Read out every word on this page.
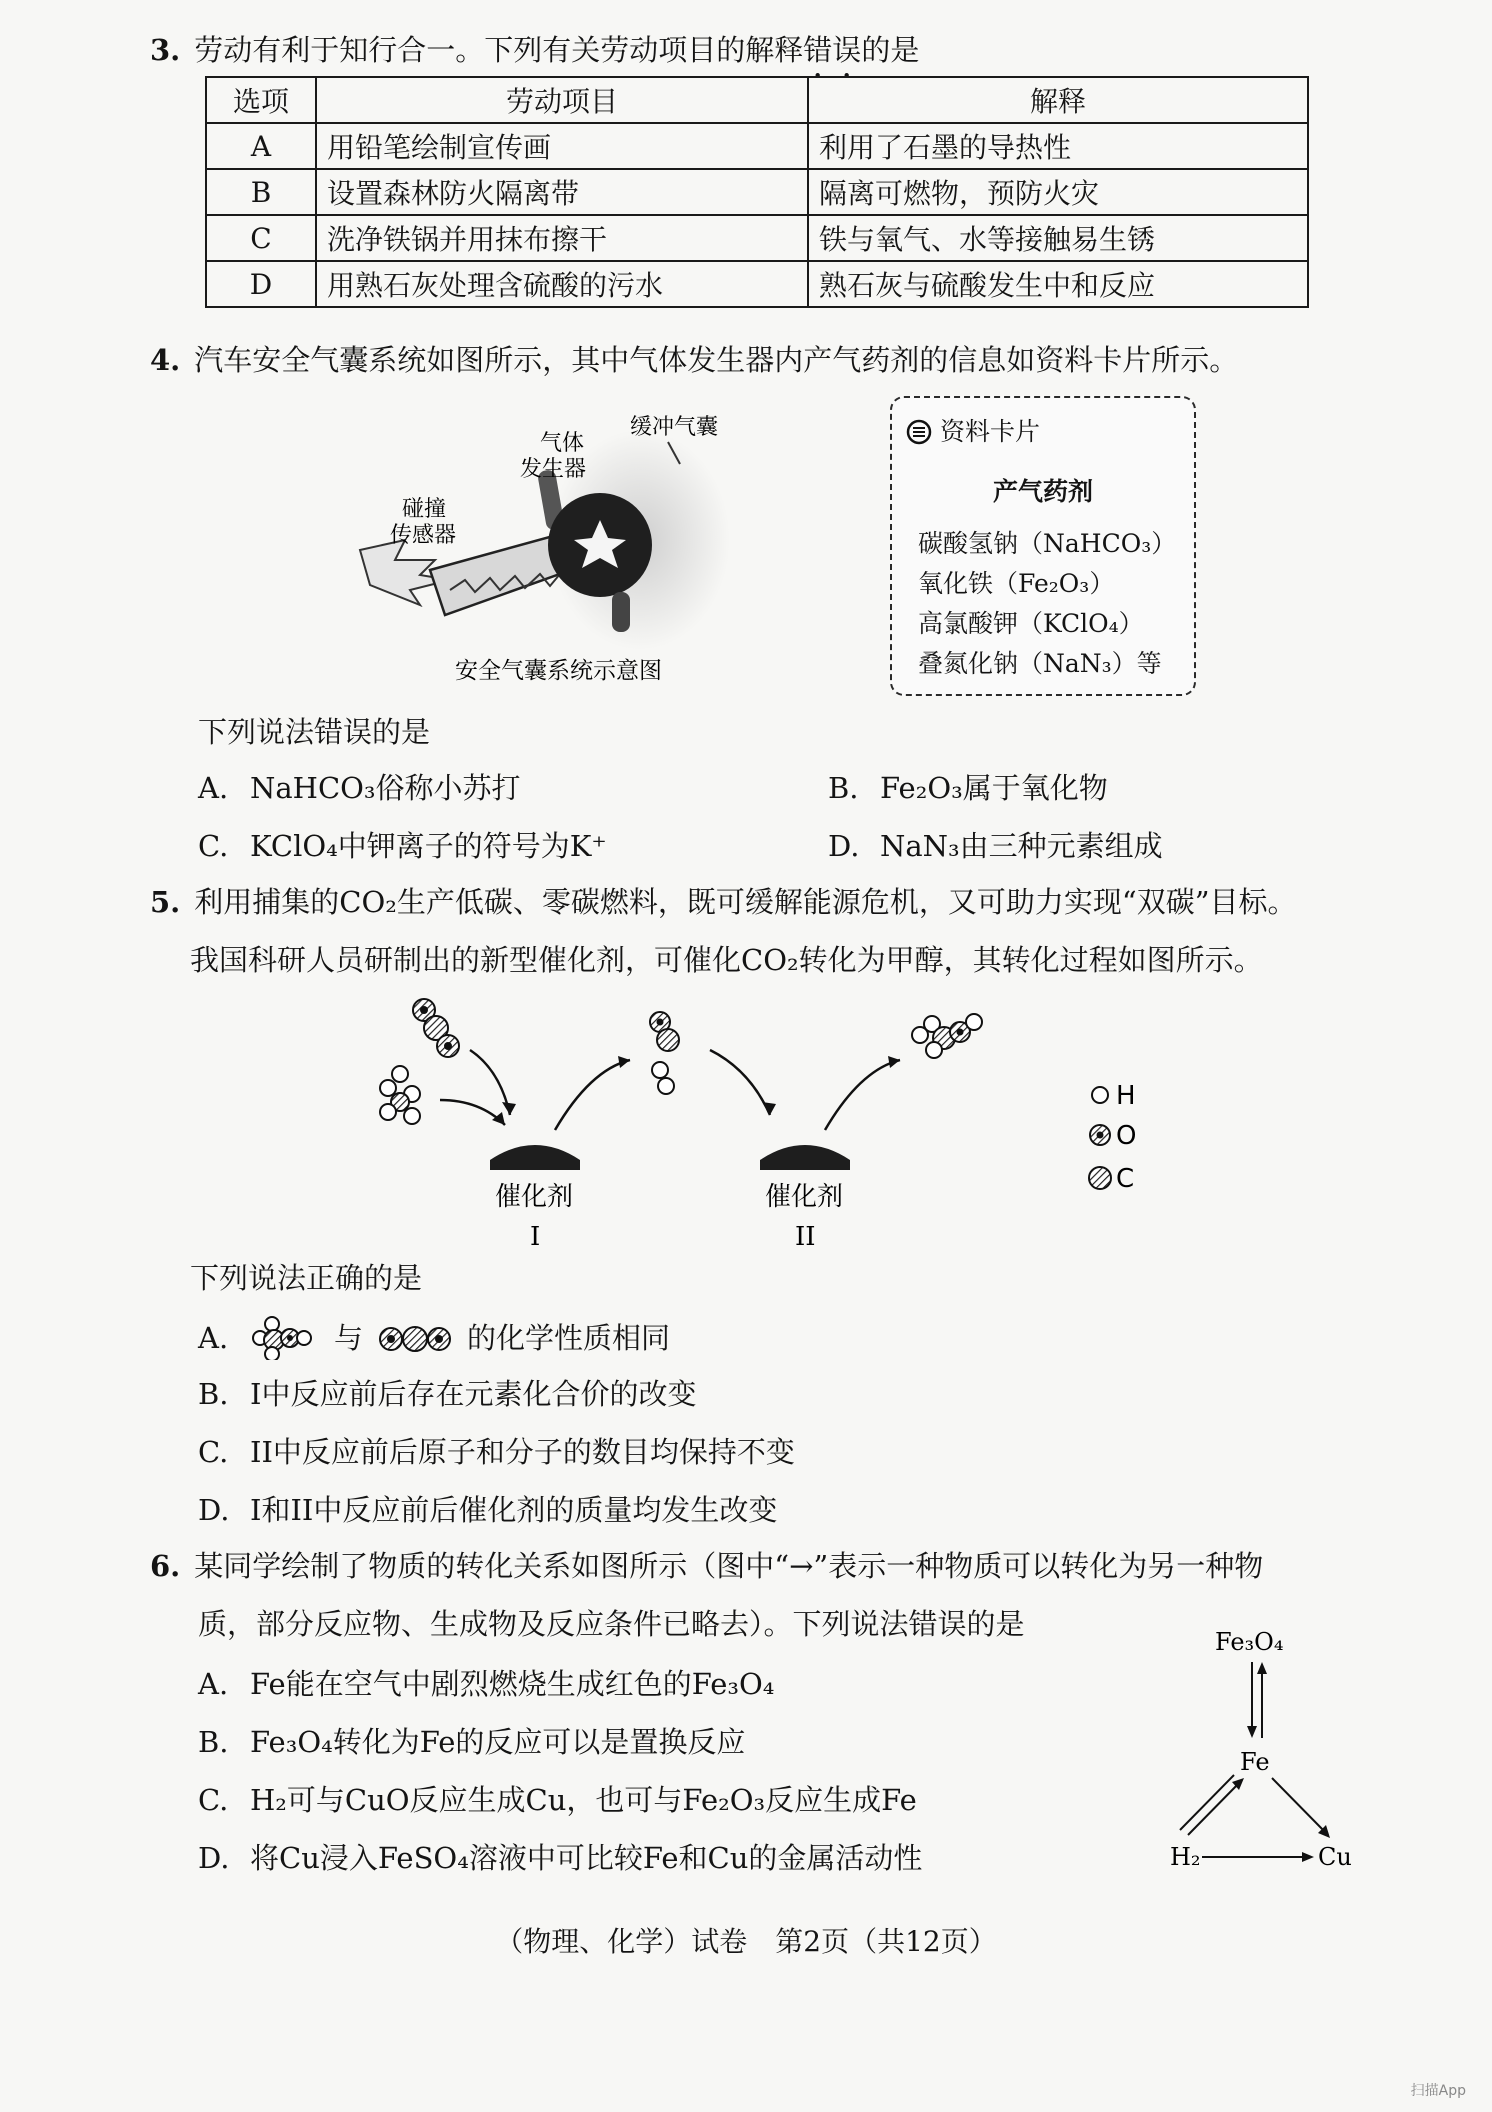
3. 劳动有利于知行合一。下列有关劳动项目的解释错误的是
选项	劳动项目	解释
A	用铅笔绘制宣传画	利用了石墨的导热性
B	设置森林防火隔离带	隔离可燃物，预防火灾
C	洗净铁锅并用抹布擦干	铁与氧气、水等接触易生锈
D	用熟石灰处理含硫酸的污水	熟石灰与硫酸发生中和反应
4. 汽车安全气囊系统如图所示，其中气体发生器内产气药剂的信息如资料卡片所示。
气体
发生器
缓冲气囊
碰撞
传感器
安全气囊系统示意图
资料卡片
产气药剂
碳酸氢钠（NaHCO₃）
氧化铁（Fe₂O₃）
高氯酸钾（KClO₄）
叠氮化钠（NaN₃）等
下列说法错误的是
A. NaHCO₃俗称小苏打	B. Fe₂O₃属于氧化物
C. KClO₄中钾离子的符号为K⁺	D. NaN₃由三种元素组成
5. 利用捕集的CO₂生产低碳、零碳燃料，既可缓解能源危机，又可助力实现“双碳”目标。
我国科研人员研制出的新型催化剂，可催化CO₂转化为甲醇，其转化过程如图所示。
催化剂
I
催化剂
II
H
O
C
下列说法正确的是
A.	与	的化学性质相同
B. I中反应前后存在元素化合价的改变
C. II中反应前后原子和分子的数目均保持不变
D. I和II中反应前后催化剂的质量均发生改变
6. 某同学绘制了物质的转化关系如图所示（图中“→”表示一种物质可以转化为另一种物
质，部分反应物、生成物及反应条件已略去）。下列说法错误的是
A. Fe能在空气中剧烈燃烧生成红色的Fe₃O₄
B. Fe₃O₄转化为Fe的反应可以是置换反应
C. H₂可与CuO反应生成Cu，也可与Fe₂O₃反应生成Fe
D. 将Cu浸入FeSO₄溶液中可比较Fe和Cu的金属活动性
Fe₃O₄
Fe
H₂	Cu
（物理、化学）试卷　第2页（共12页）
扫描App
